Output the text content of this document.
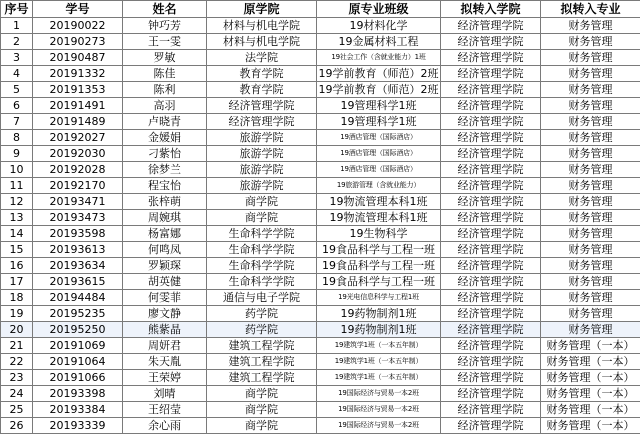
序号	学号	姓名	原学院	原专业班级	拟转入学院	拟转入专业
1	20190022	钟巧芳	材料与机电学院	19材料化学	经济管理学院	财务管理
2	20190273	王一雯	材料与机电学院	19金属材料工程	经济管理学院	财务管理
3	20190487	罗敏	法学院	19社会工作（含就业能力）1班	经济管理学院	财务管理
4	20191332	陈佳	教育学院	19学前教育（师范）2班	经济管理学院	财务管理
5	20191353	陈利	教育学院	19学前教育（师范）2班	经济管理学院	财务管理
6	20191491	高羽	经济管理学院	19管理科学1班	经济管理学院	财务管理
7	20191489	卢晓青	经济管理学院	19管理科学1班	经济管理学院	财务管理
8	20192027	金媛娟	旅游学院	19酒店管理（国际酒店）	经济管理学院	财务管理
9	20192030	刁紫怡	旅游学院	19酒店管理（国际酒店）	经济管理学院	财务管理
10	20192028	徐梦兰	旅游学院	19酒店管理（国际酒店）	经济管理学院	财务管理
11	20192170	程宝怡	旅游学院	19旅游管理（含就业能力）	经济管理学院	财务管理
12	20193471	张梓萌	商学院	19物流管理本科1班	经济管理学院	财务管理
13	20193473	周婉琪	商学院	19物流管理本科1班	经济管理学院	财务管理
14	20193598	杨富娜	生命科学学院	19生物科学	经济管理学院	财务管理
15	20193613	何鸣凤	生命科学学院	19食品科学与工程一班	经济管理学院	财务管理
16	20193634	罗颖琛	生命科学学院	19食品科学与工程一班	经济管理学院	财务管理
17	20193615	胡英健	生命科学学院	19食品科学与工程一班	经济管理学院	财务管理
18	20194484	何雯菲	通信与电子学院	19光电信息科学与工程1班	经济管理学院	财务管理
19	20195235	廖文静	药学院	19药物制剂1班	经济管理学院	财务管理
20	20195250	熊紫晶	药学院	19药物制剂1班	经济管理学院	财务管理
21	20191069	周妍君	建筑工程学院	19建筑学1班（一本五年制）	经济管理学院	财务管理（一本）
22	20191064	朱天胤	建筑工程学院	19建筑学1班（一本五年制）	经济管理学院	财务管理（一本）
23	20191066	王荣婷	建筑工程学院	19建筑学1班（一本五年制）	经济管理学院	财务管理（一本）
24	20193398	刘晴	商学院	19国际经济与贸易一本2班	经济管理学院	财务管理（一本）
25	20193384	王绍莹	商学院	19国际经济与贸易一本2班	经济管理学院	财务管理（一本）
26	20193339	余心雨	商学院	19国际经济与贸易一本2班	经济管理学院	财务管理（一本）
